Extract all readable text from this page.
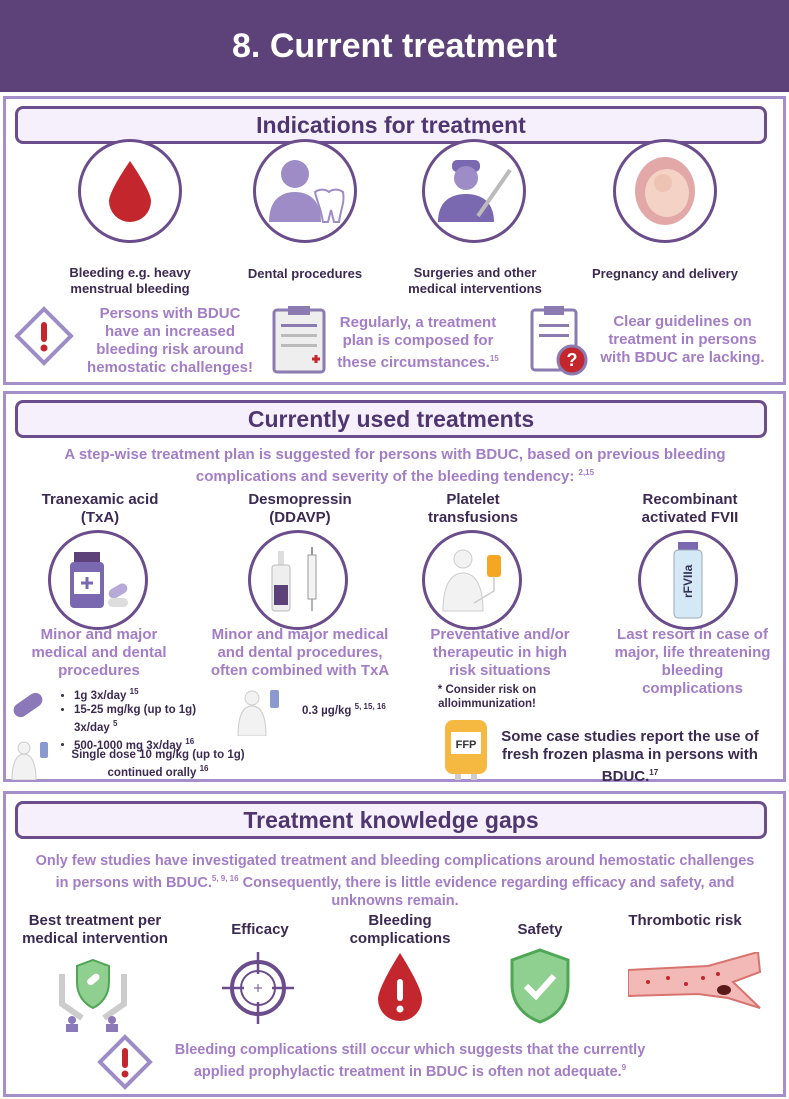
8. Current treatment
Indications for treatment
Bleeding e.g. heavy menstrual bleeding
Dental procedures	Surgeries and other medical interventions
Pregnancy and delivery
Persons with BDUC have an increased bleeding risk around hemostatic challenges!
Regularly, a treatment plan is composed for these circumstances.$^{15}$	?
Clear guidelines on treatment in persons with BDUC are lacking.
Currently used treatments
A step-wise treatment plan is suggested for persons with BDUC, based on previous bleeding complications and severity of the bleeding tendency: $^{2,15}$
Tranexamic acid (TxA)
Desmopressin (DDAVP)
Platelet transfusions
Recombinant activated FVII
rFVIIa
Minor and major medical and dental procedures
Minor and major medical and dental procedures, often combined with TxA
Preventative and/or therapeutic in high risk situations
Last resort in case of major, life threatening bleeding complications
* Consider risk on alloimmunization!
• 1g 3x/day $^{15}$
• 15-25 mg/kg (up to 1g) 3x/day $^5$
• 500-1000 mg 3x/day $^{16}$
Single dose 10 mg/kg (up to 1g) continued orally $^{16}$
0.3 µg/kg $^{5, 15, 16}$
FFP	Some case studies report the use of fresh frozen plasma in persons with BDUC.$^{17}$
Treatment knowledge gaps
Only few studies have investigated treatment and bleeding complications around hemostatic challenges in persons with BDUC.$^{5, 9, 16}$ Consequently, there is little evidence regarding efficacy and safety, and unknowns remain.
Best treatment per medical intervention
Efficacy
Bleeding complications
Safety
Thrombotic risk
Bleeding complications still occur which suggests that the currently applied prophylactic treatment in BDUC is often not adequate.$^9$
